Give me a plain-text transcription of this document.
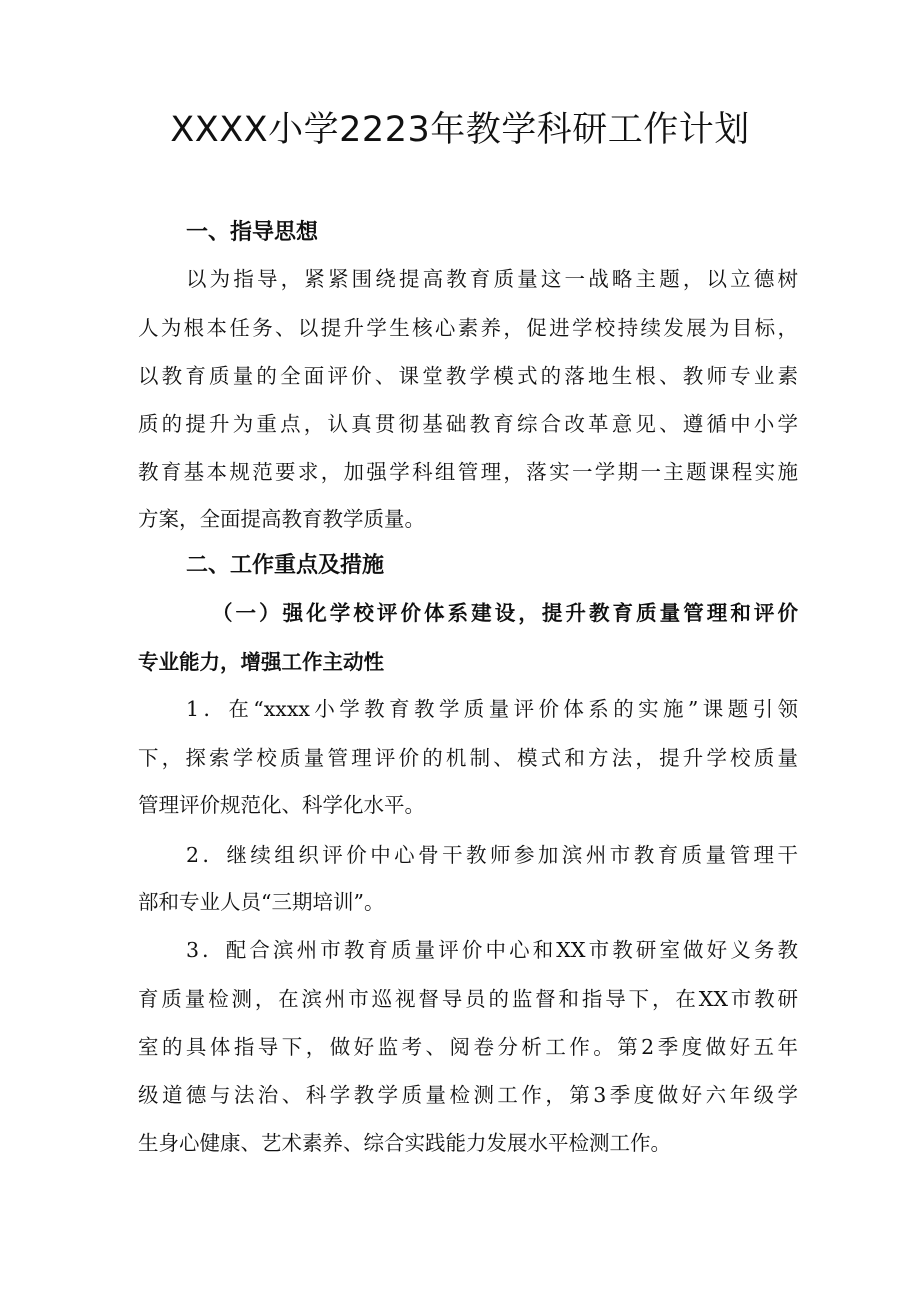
XXXX小学2223年教学科研工作计划
一、指导思想
以为指导，紧紧围绕提高教育质量这一战略主题，以立德树
人为根本任务、以提升学生核心素养，促进学校持续发展为目标，
以教育质量的全面评价、课堂教学模式的落地生根、教师专业素
质的提升为重点，认真贯彻基础教育综合改革意见、遵循中小学
教育基本规范要求，加强学科组管理，落实一学期一主题课程实施
方案，全面提高教育教学质量。
二、工作重点及措施
（一）强化学校评价体系建设，提升教育质量管理和评价
专业能力，增强工作主动性
1．在“xxxx小学教育教学质量评价体系的实施”课题引领
下，探索学校质量管理评价的机制、模式和方法，提升学校质量
管理评价规范化、科学化水平。
2．继续组织评价中心骨干教师参加滨州市教育质量管理干
部和专业人员“三期培训”。
3．配合滨州市教育质量评价中心和XX市教研室做好义务教
育质量检测，在滨州市巡视督导员的监督和指导下，在XX市教研
室的具体指导下，做好监考、阅卷分析工作。第2季度做好五年
级道德与法治、科学教学质量检测工作，第3季度做好六年级学
生身心健康、艺术素养、综合实践能力发展水平检测工作。
